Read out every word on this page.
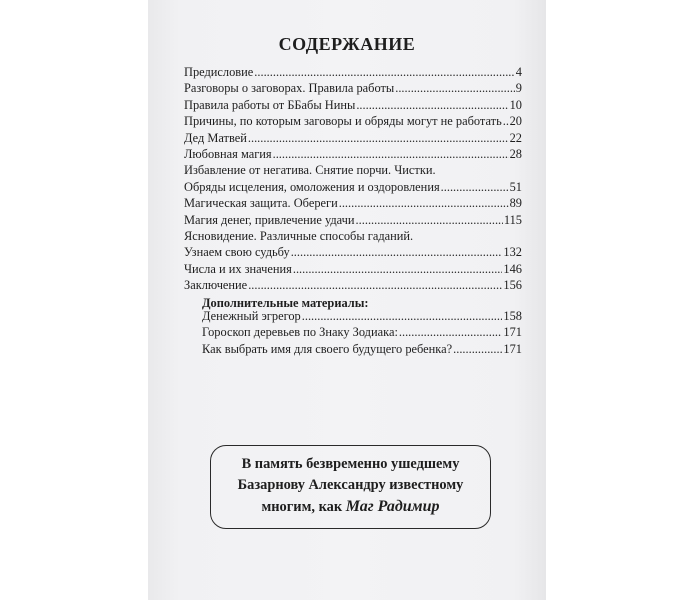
СОДЕРЖАНИЕ
Предисловие .....	4
Разговоры о заговорах. Правила работы .....	9
Правила работы от ББабы Нины .....	10
Причины, по которым заговоры и обряды могут не работать ..... 20
Дед Матвей .....	22
Любовная магия .....	28
Избавление от негатива. Снятие порчи. Чистки.
Обряды исцеления, омоложения и оздоровления .....	51
Магическая защита. Обереги .....	89
Магия денег, привлечение удачи .....	115
Ясновидение. Различные способы гаданий.
Узнаем свою судьбу .....	132
Числа и их значения .....	146
Заключение .....	156
Дополнительные материалы:
Денежный эгрегор .....	158
Гороскоп деревьев по Знаку Зодиака: .....	171
Как выбрать имя для своего будущего ребенка? .....	171
В память безвременно ушедшему
Базарнову Александру известному
многим, как Маг Радимир
